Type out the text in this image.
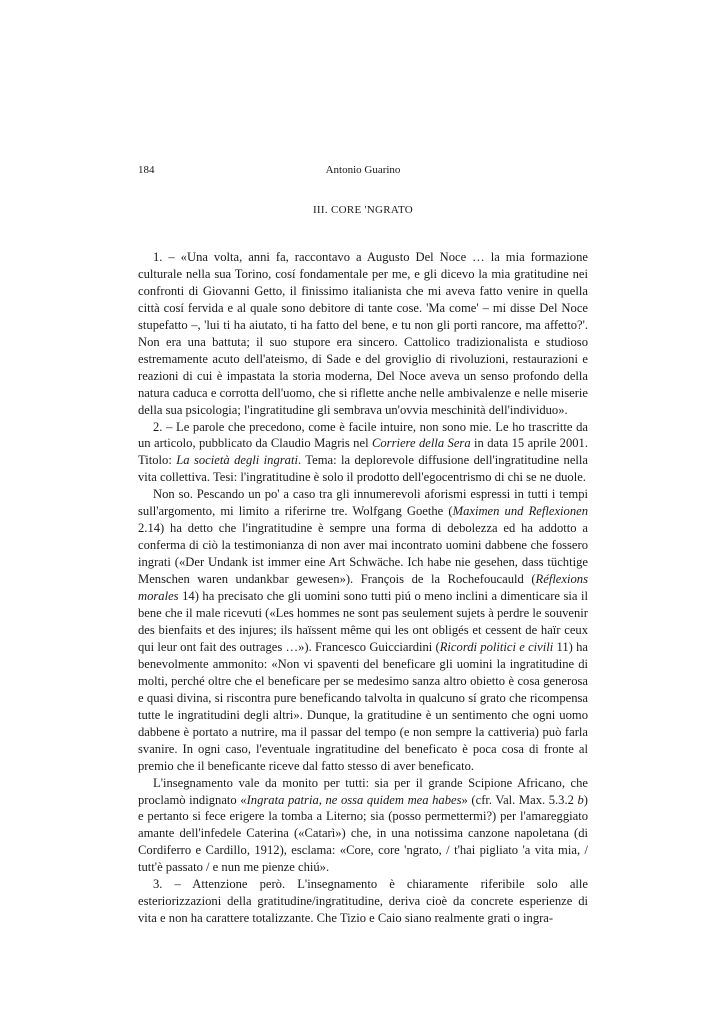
184	Antonio Guarino
III. CORE 'NGRATO

1. – «Una volta, anni fa, raccontavo a Augusto Del Noce … la mia formazione culturale nella sua Torino, cosí fondamentale per me, e gli dicevo la mia gratitudine nei confronti di Giovanni Getto, il finissimo italianista che mi aveva fatto venire in quella città cosí fervida e al quale sono debitore di tante cose. 'Ma come' – mi disse Del Noce stupefatto –, 'lui ti ha aiutato, ti ha fatto del bene, e tu non gli porti rancore, ma affetto?'. Non era una battuta; il suo stupore era sincero. Cattolico tradizionalista e studioso estremamente acuto dell'ateismo, di Sade e del groviglio di rivoluzioni, restaurazioni e reazioni di cui è impastata la storia moderna, Del Noce aveva un senso profondo della natura caduca e corrotta dell'uomo, che si riflette anche nelle ambivalenze e nelle miserie della sua psicologia; l'ingratitudine gli sembrava un'ovvia meschinità dell'individuo».

2. – Le parole che precedono, come è facile intuire, non sono mie. Le ho trascritte da un articolo, pubblicato da Claudio Magris nel Corriere della Sera in data 15 aprile 2001. Titolo: La società degli ingrati. Tema: la deplorevole diffusione dell'ingratitudine nella vita collettiva. Tesi: l'ingratitudine è solo il prodotto dell'egocentrismo di chi se ne duole.

Non so. Pescando un po' a caso tra gli innumerevoli aforismi espressi in tutti i tempi sull'argomento, mi limito a riferirne tre. Wolfgang Goethe (Maximen und Reflexionen 2.14) ha detto che l'ingratitudine è sempre una forma di debolezza ed ha addotto a conferma di ciò la testimonianza di non aver mai incontrato uomini dabbene che fossero ingrati («Der Undank ist immer eine Art Schwäche. Ich habe nie gesehen, dass tüchtige Menschen waren undankbar gewesen»). François de la Rochefoucauld (Réflexions morales 14) ha precisato che gli uomini sono tutti piú o meno inclini a dimenticare sia il bene che il male ricevuti («Les hommes ne sont pas seulement sujets à perdre le souvenir des bienfaits et des injures; ils haïssent même qui les ont obligés et cessent de haïr ceux qui leur ont fait des outrages …»). Francesco Guicciardini (Ricordi politici e civili 11) ha benevolmente ammonito: «Non vi spaventi del beneficare gli uomini la ingratitudine di molti, perché oltre che el beneficare per se medesimo sanza altro obietto è cosa generosa e quasi divina, si riscontra pure beneficando talvolta in qualcuno sí grato che ricompensa tutte le ingratitudini degli altri». Dunque, la gratitudine è un sentimento che ogni uomo dabbene è portato a nutrire, ma il passar del tempo (e non sempre la cattiveria) può farla svanire. In ogni caso, l'eventuale ingratitudine del beneficato è poca cosa di fronte al premio che il beneficante riceve dal fatto stesso di aver beneficato.

L'insegnamento vale da monito per tutti: sia per il grande Scipione Africano, che proclamò indignato «Ingrata patria, ne ossa quidem mea habes» (cfr. Val. Max. 5.3.2 b) e pertanto si fece erigere la tomba a Literno; sia (posso permettermi?) per l'amareggiato amante dell'infedele Caterina («Catarì») che, in una notissima canzone napoletana (di Cordiferro e Cardillo, 1912), esclama: «Core, core 'ngrato, / t'hai pigliato 'a vita mia, / tutt'è passato / e nun me pienze chiú».

3. – Attenzione però. L'insegnamento è chiaramente riferibile solo alle esteriorizzazioni della gratitudine/ingratitudine, deriva cioè da concrete esperienze di vita e non ha carattere totalizzante. Che Tizio e Caio siano realmente grati o ingra-
